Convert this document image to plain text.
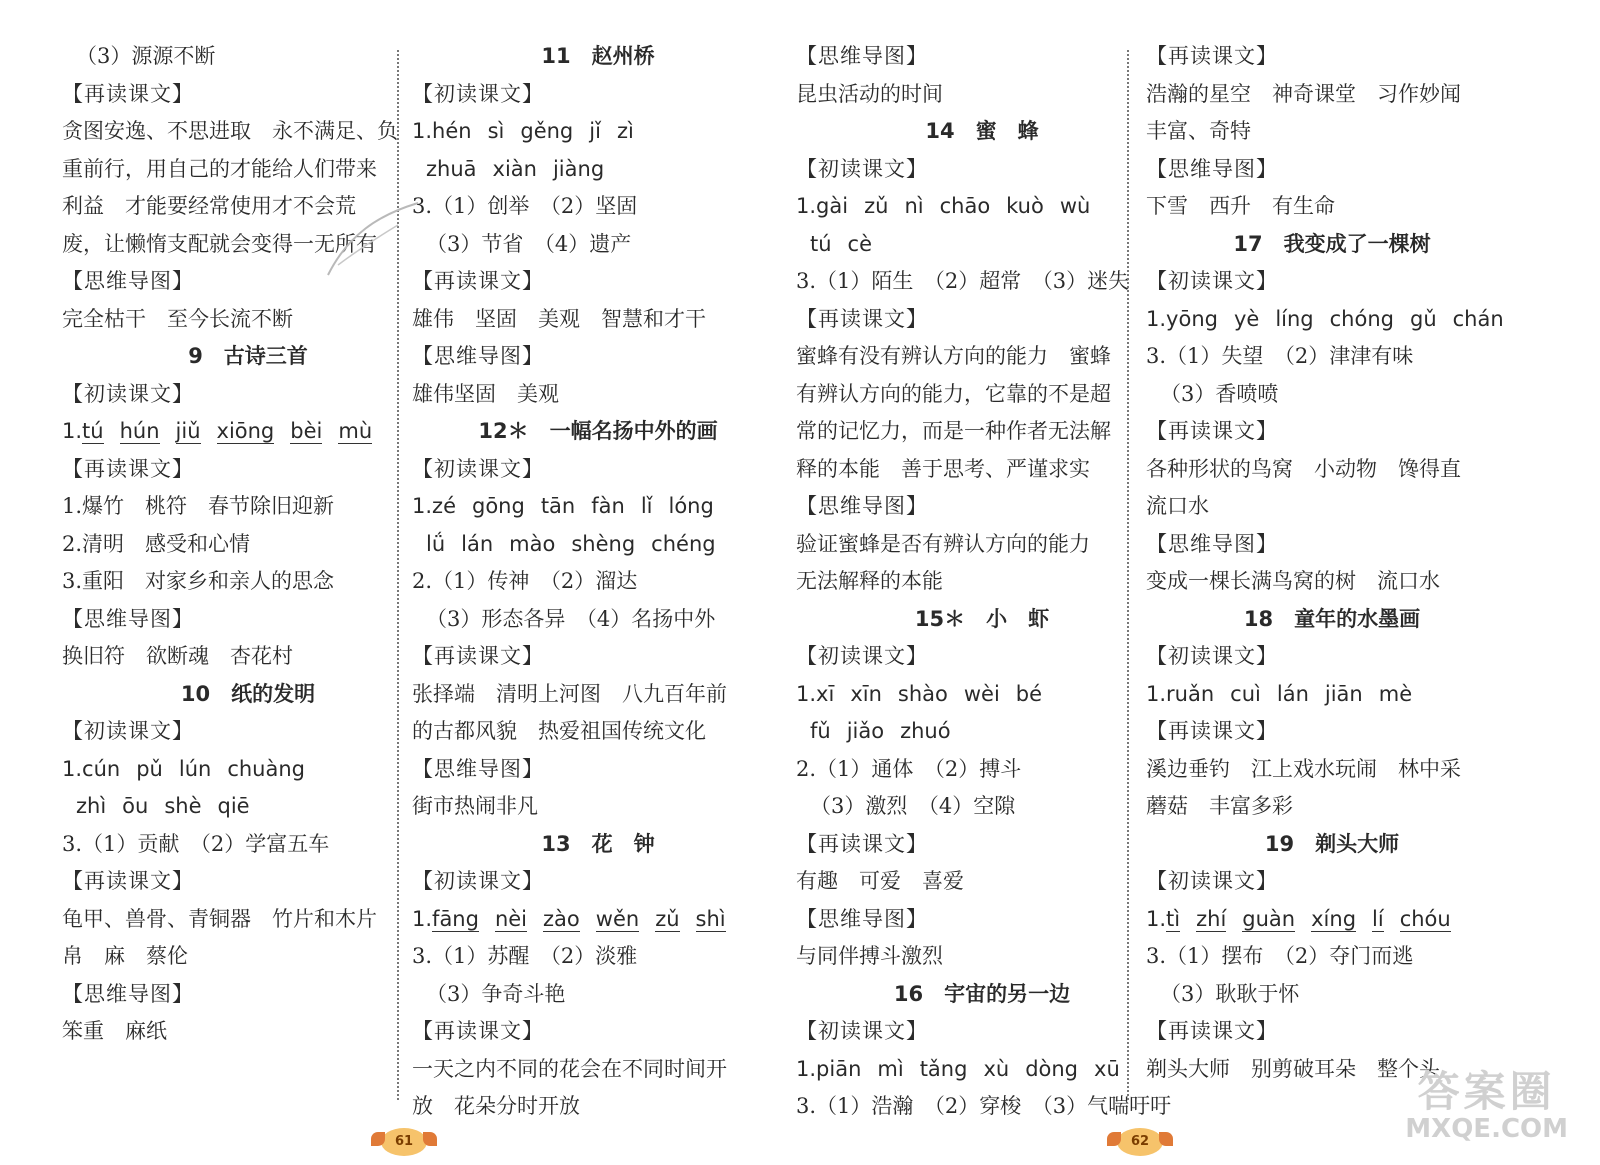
（3）源源不断
【再读课文】
贪图安逸、不思进取　永不满足、负
重前行，用自己的才能给人们带来
利益　才能要经常使用才不会荒
废，让懒惰支配就会变得一无所有
【思维导图】
完全枯干　至今长流不断
9　古诗三首
【初读课文】
1.tú hún jiǔ xiōng bèi mù
【再读课文】
1.爆竹　桃符　春节除旧迎新
2.清明　感受和心情
3.重阳　对家乡和亲人的思念
【思维导图】
换旧符　欲断魂　杏花村
10　纸的发明
【初读课文】
1.cún pǔ lún chuàng
zhì ōu shè qiē
3.（1）贡献　（2）学富五车
【再读课文】
龟甲、兽骨、青铜器　竹片和木片
帛　麻　蔡伦
【思维导图】
笨重　麻纸
11　赵州桥
【初读课文】
1.hén sì gěng jǐ zì
zhuā xiàn jiàng
3.（1）创举　（2）坚固
（3）节省　（4）遗产
【再读课文】
雄伟　坚固　美观　智慧和才干
【思维导图】
雄伟坚固　美观
12＊　一幅名扬中外的画
【初读课文】
1.zé gōng tān fàn lǐ lóng
lǘ lán mào shèng chéng
2.（1）传神　（2）溜达
（3）形态各异　（4）名扬中外
【再读课文】
张择端　清明上河图　八九百年前
的古都风貌　热爱祖国传统文化
【思维导图】
街市热闹非凡
13　花　钟
【初读课文】
1.fāng nèi zào wěn zǔ shì
3.（1）苏醒　（2）淡雅
（3）争奇斗艳
【再读课文】
一天之内不同的花会在不同时间开
放　花朵分时开放
【思维导图】
昆虫活动的时间
14　蜜　蜂
【初读课文】
1.gài zǔ nì chāo kuò wù
tú cè
3.（1）陌生　（2）超常　（3）迷失
【再读课文】
蜜蜂有没有辨认方向的能力　蜜蜂
有辨认方向的能力，它靠的不是超
常的记忆力，而是一种作者无法解
释的本能　善于思考、严谨求实
【思维导图】
验证蜜蜂是否有辨认方向的能力
无法解释的本能
15＊　小　虾
【初读课文】
1.xī xīn shào wèi bé
fǔ jiǎo zhuó
2.（1）通体　（2）搏斗
（3）激烈　（4）空隙
【再读课文】
有趣　可爱　喜爱
【思维导图】
与同伴搏斗激烈
16　宇宙的另一边
【初读课文】
1.piān mì tǎng xù dòng xū
3.（1）浩瀚　（2）穿梭　（3）气喘吁吁
【再读课文】
浩瀚的星空　神奇课堂　习作妙闻
丰富、奇特
【思维导图】
下雪　西升　有生命
17　我变成了一棵树
【初读课文】
1.yōng yè líng chóng gǔ chán
3.（1）失望　（2）津津有味
（3）香喷喷
【再读课文】
各种形状的鸟窝　小动物　馋得直
流口水
【思维导图】
变成一棵长满鸟窝的树　流口水
18　童年的水墨画
【初读课文】
1.ruǎn cuì lán jiān mè
【再读课文】
溪边垂钓　江上戏水玩闹　林中采
蘑菇　丰富多彩
19　剃头大师
【初读课文】
1.tì zhí guàn xíng lí chóu
3.（1）摆布　（2）夺门而逃
（3）耿耿于怀
【再读课文】
剃头大师　别剪破耳朵　整个头
61	62
答案圈
MXQE.COM
